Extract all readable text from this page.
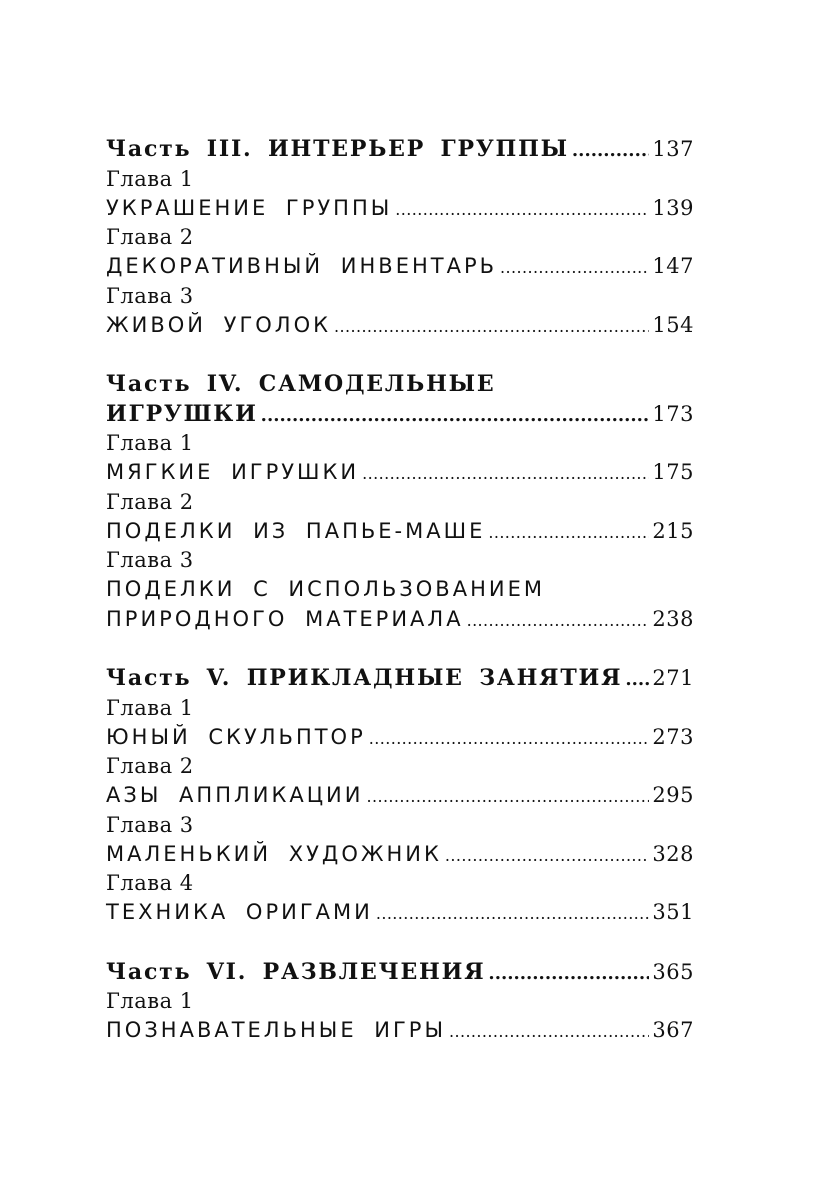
Часть III. ИНТЕРЬЕР ГРУППЫ .....	137
Глава 1
УКРАШЕНИЕ ГРУППЫ .....	139
Глава 2
ДЕКОРАТИВНЫЙ ИНВЕНТАРЬ .....	147
Глава 3
ЖИВОЙ УГОЛОК .....	154
Часть IV. САМОДЕЛЬНЫЕ
ИГРУШКИ .....	173
Глава 1
МЯГКИЕ ИГРУШКИ .....	175
Глава 2
ПОДЕЛКИ ИЗ ПАПЬЕ-МАШЕ .....	215
Глава 3
ПОДЕЛКИ С ИСПОЛЬЗОВАНИЕМ
ПРИРОДНОГО МАТЕРИАЛА .....	238
Часть V. ПРИКЛАДНЫЕ ЗАНЯТИЯ ..... 271
Глава 1
ЮНЫЙ СКУЛЬПТОР .....	273
Глава 2
АЗЫ АППЛИКАЦИИ .....	295
Глава 3
МАЛЕНЬКИЙ ХУДОЖНИК .....	328
Глава 4
ТЕХНИКА ОРИГАМИ .....	351
Часть VI. РАЗВЛЕЧЕНИЯ .....	365
Глава 1
ПОЗНАВАТЕЛЬНЫЕ ИГРЫ .....	367
